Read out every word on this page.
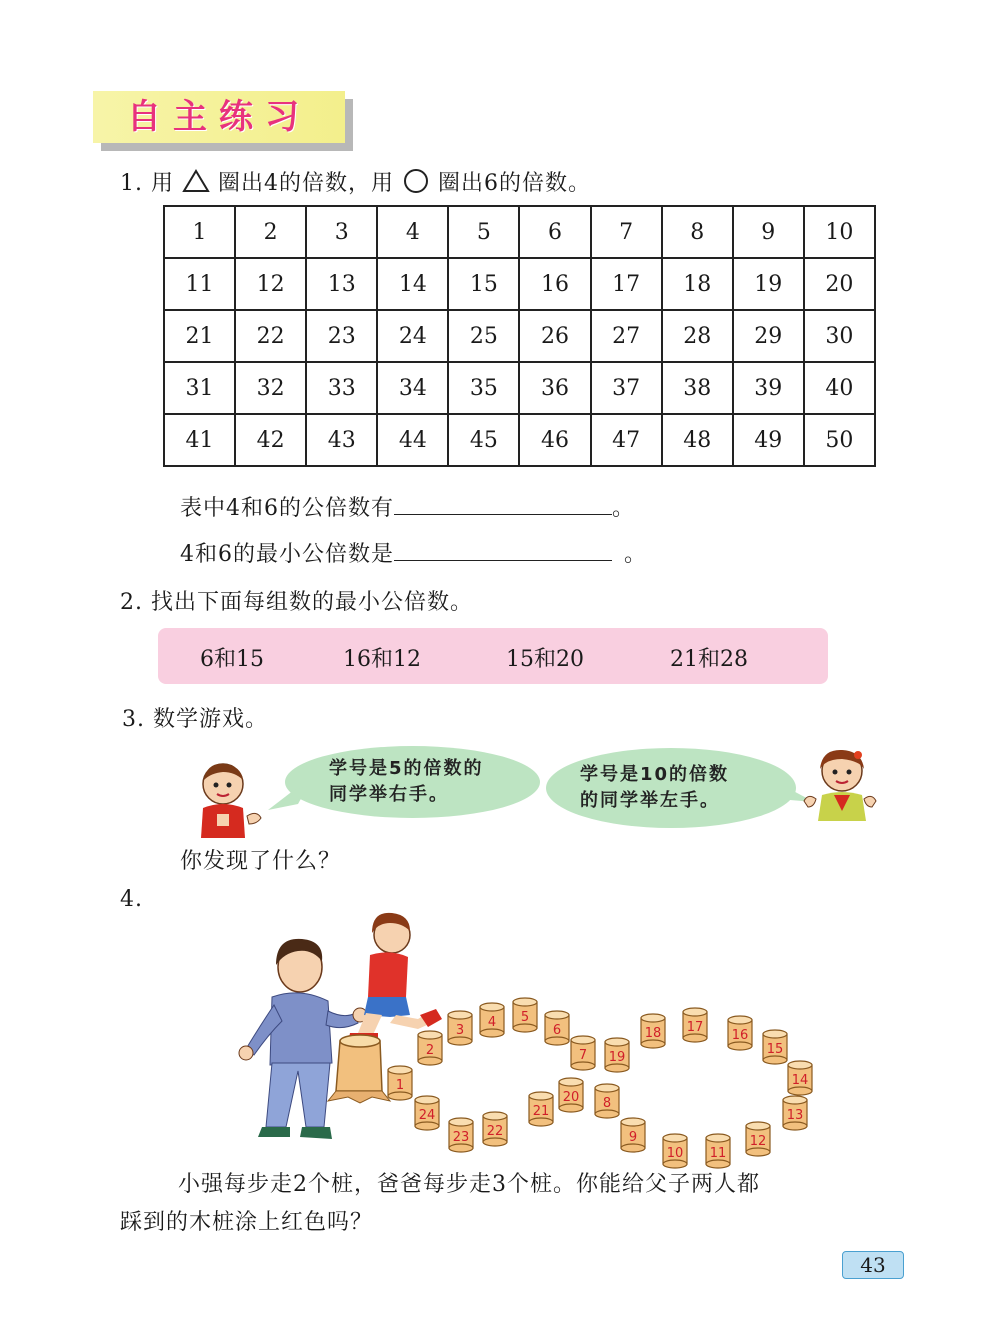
自主练习
1. 用 圈出4的倍数，用 圈出6的倍数。
1	2	3	4	5	6	7	8	9	10
11	12	13	14	15	16	17	18	19	20
21	22	23	24	25	26	27	28	29	30
31	32	33	34	35	36	37	38	39	40
41	42	43	44	45	46	47	48	49	50
表中4和6的公倍数有	。
4和6的最小公倍数是	。
2. 找出下面每组数的最小公倍数。
6和15	16和12	15和20	21和28
3. 数学游戏。
学号是5的倍数的
同学举右手。
学号是10的倍数
的同学举左手。
你发现了什么？
4.
1
2
3
4 5
6
7 19
20
21
22
23
24
9
10 11
12
13
14
15
16
17
18
8
小强每步走2个桩，爸爸每步走3个桩。你能给父子两人都
踩到的木桩涂上红色吗？
43
